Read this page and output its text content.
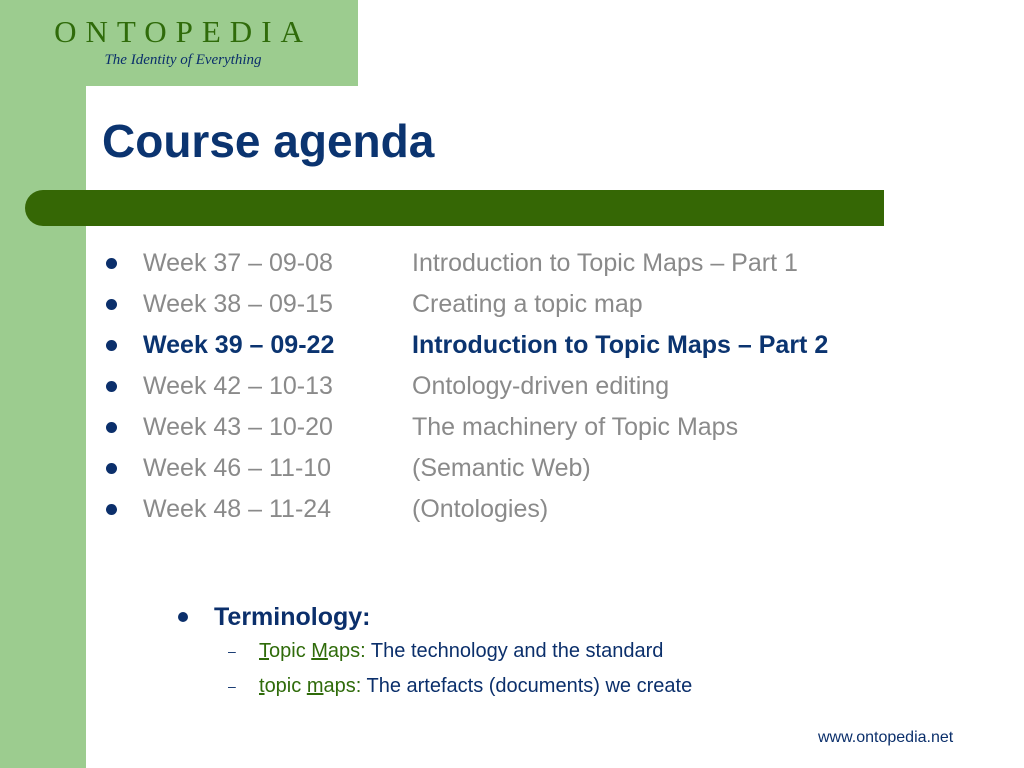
ONTOPEDIA
The Identity of Everything
Course agenda
Week 37 – 09-08	Introduction to Topic Maps – Part 1
Week 38 – 09-15	Creating a topic map
Week 39 – 09-22	Introduction to Topic Maps – Part 2
Week 42 – 10-13	Ontology-driven editing
Week 43 – 10-20	The machinery of Topic Maps
Week 46 – 11-10	(Semantic Web)
Week 48 – 11-24	(Ontologies)
Terminology:
– Topic Maps: The technology and the standard
– topic maps: The artefacts (documents) we create
www.ontopedia.net
